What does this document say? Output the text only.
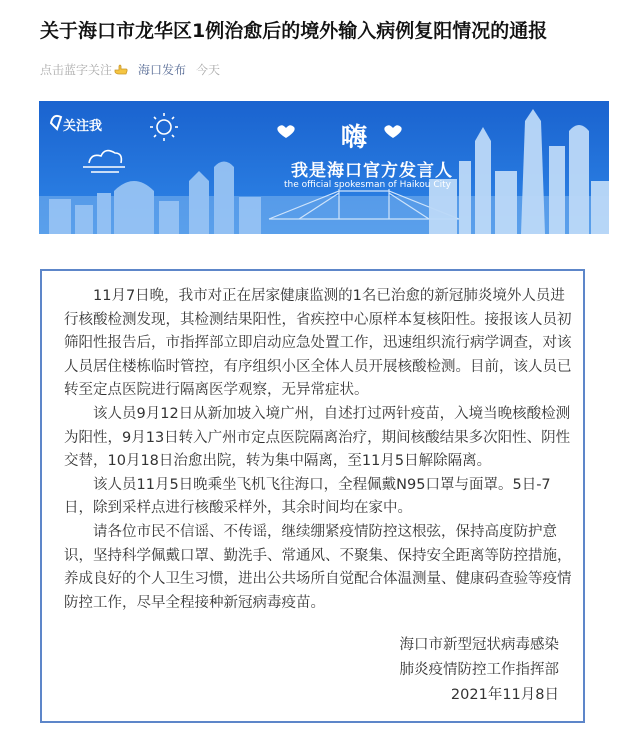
关于海口市龙华区1例治愈后的境外输入病例复阳情况的通报
点击蓝字关注 海口发布 今天
关注我	嗨
我是海口官方发言人
the official spokesman of Haikou City

11月7日晚，我市对正在居家健康监测的1名已治愈的新冠肺炎境外人员进行核酸检测发现，其检测结果阳性，省疾控中心原样本复核阳性。接报该人员初筛阳性报告后，市指挥部立即启动应急处置工作，迅速组织流行病学调查，对该人员居住楼栋临时管控，有序组织小区全体人员开展核酸检测。目前，该人员已转至定点医院进行隔离医学观察，无异常症状。

该人员9月12日从新加坡入境广州，自述打过两针疫苗，入境当晚核酸检测为阳性，9月13日转入广州市定点医院隔离治疗，期间核酸结果多次阳性、阴性交替，10月18日治愈出院，转为集中隔离，至11月5日解除隔离。

该人员11月5日晚乘坐飞机飞往海口，全程佩戴N95口罩与面罩。5日-7日，除到采样点进行核酸采样外，其余时间均在家中。

请各位市民不信谣、不传谣，继续绷紧疫情防控这根弦，保持高度防护意识，坚持科学佩戴口罩、勤洗手、常通风、不聚集、保持安全距离等防控措施，养成良好的个人卫生习惯，进出公共场所自觉配合体温测量、健康码查验等疫情防控工作，尽早全程接种新冠病毒疫苗。

海口市新型冠状病毒感染
肺炎疫情防控工作指挥部
2021年11月8日
